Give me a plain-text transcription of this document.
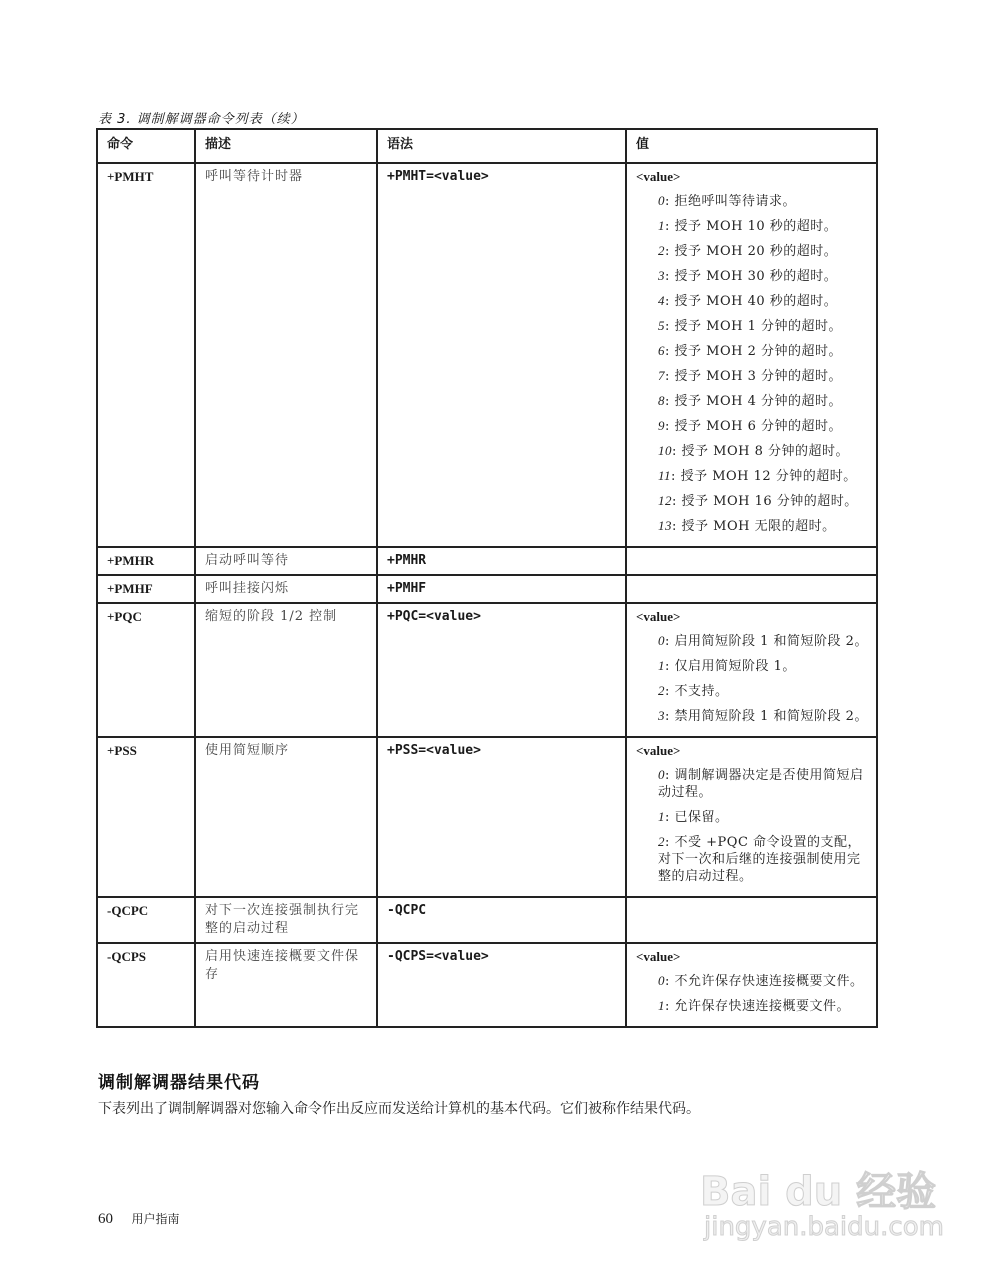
表 3. 调制解调器命令列表（续）
命令	描述	语法	值
+PMHT	呼叫等待计时器	+PMHT=<value>	<value>
0: 拒绝呼叫等待请求。
1: 授予 MOH 10 秒的超时。
2: 授予 MOH 20 秒的超时。
3: 授予 MOH 30 秒的超时。
4: 授予 MOH 40 秒的超时。
5: 授予 MOH 1 分钟的超时。
6: 授予 MOH 2 分钟的超时。
7: 授予 MOH 3 分钟的超时。
8: 授予 MOH 4 分钟的超时。
9: 授予 MOH 6 分钟的超时。
10: 授予 MOH 8 分钟的超时。
11: 授予 MOH 12 分钟的超时。
12: 授予 MOH 16 分钟的超时。
13: 授予 MOH 无限的超时。

+PMHR	启动呼叫等待	+PMHR	
+PMHF	呼叫挂接闪烁	+PMHF	
+PQC	缩短的阶段 1/2 控制	+PQC=<value>	<value>
0: 启用简短阶段 1 和简短阶段 2。
1: 仅启用简短阶段 1。
2: 不支持。
3: 禁用简短阶段 1 和简短阶段 2。

+PSS	使用简短顺序	+PSS=<value>	<value>
0: 调制解调器决定是否使用简短启动过程。
1: 已保留。
2: 不受 +PQC 命令设置的支配，对下一次和后继的连接强制使用完整的启动过程。

-QCPC	对下一次连接强制执行完整的启动过程	-QCPC	
-QCPS	启用快速连接概要文件保存	-QCPS=<value>	<value>
0: 不允许保存快速连接概要文件。
1: 允许保存快速连接概要文件。
调制解调器结果代码

下表列出了调制解调器对您输入命令作出反应而发送给计算机的基本代码。它们被称作结果代码。

60 用户指南
Bai du 经验
jingyan.baidu.com
